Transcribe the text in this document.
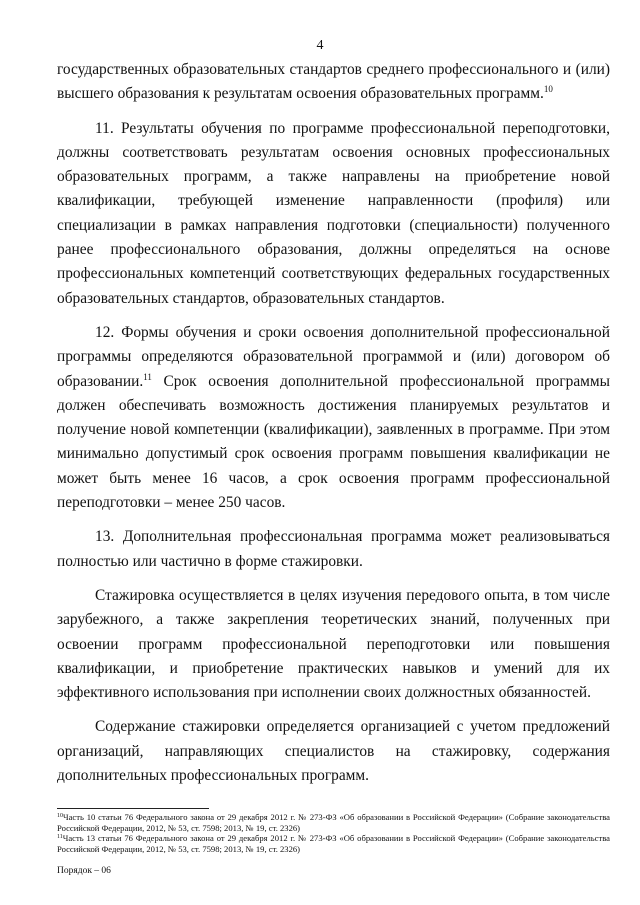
4

государственных образовательных стандартов среднего профессионального и (или) высшего образования к результатам освоения образовательных программ.$^{10}$

11. Результаты обучения по программе профессиональной переподготовки, должны соответствовать результатам освоения основных профессиональных образовательных программ, а также направлены на приобретение новой квалификации, требующей изменение направленности (профиля) или специализации в рамках направления подготовки (специальности) полученного ранее профессионального образования, должны определяться на основе профессиональных компетенций соответствующих федеральных государственных образовательных стандартов, образовательных стандартов.

12. Формы обучения и сроки освоения дополнительной профессиональной программы определяются образовательной программой и (или) договором об образовании.$^{11}$ Срок освоения дополнительной профессиональной программы должен обеспечивать возможность достижения планируемых результатов и получение новой компетенции (квалификации), заявленных в программе. При этом минимально допустимый срок освоения программ повышения квалификации не может быть менее 16 часов, а срок освоения программ профессиональной переподготовки – менее 250 часов.

13. Дополнительная профессиональная программа может реализовываться полностью или частично в форме стажировки.

Стажировка осуществляется в целях изучения передового опыта, в том числе зарубежного, а также закрепления теоретических знаний, полученных при освоении программ профессиональной переподготовки или повышения квалификации, и приобретение практических навыков и умений для их эффективного использования при исполнении своих должностных обязанностей.

Содержание стажировки определяется организацией с учетом предложений организаций, направляющих специалистов на стажировку, содержания дополнительных профессиональных программ.

$^{10}$Часть 10 статьи 76 Федерального закона от 29 декабря 2012 г. № 273-ФЗ «Об образовании в Российской Федерации» (Собрание законодательства Российской Федерации, 2012, № 53, ст. 7598; 2013, № 19, ст. 2326)

$^{11}$Часть 13 статьи 76 Федерального закона от 29 декабря 2012 г. № 273-ФЗ «Об образовании в Российской Федерации» (Собрание законодательства Российской Федерации, 2012, № 53, ст. 7598; 2013, № 19, ст. 2326)

Порядок – 06
